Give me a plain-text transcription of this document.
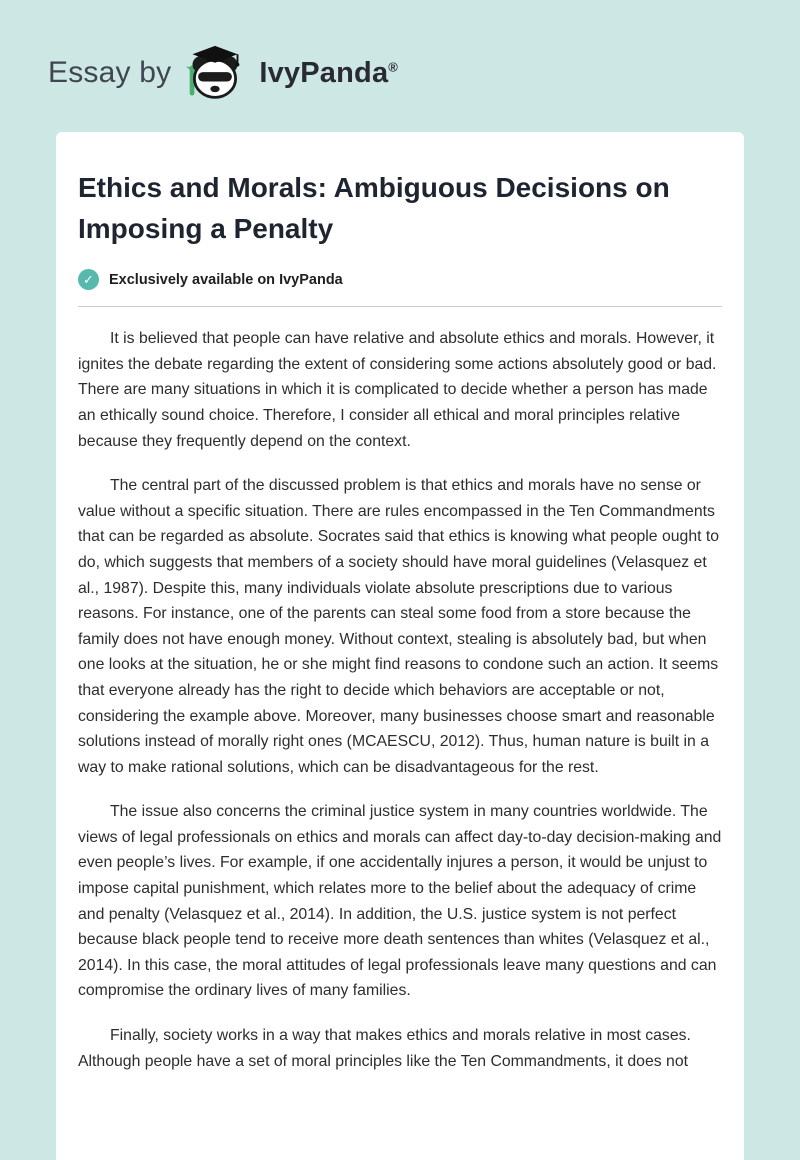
Essay by	IvyPanda®
Ethics and Morals: Ambiguous Decisions on Imposing a Penalty
✓	Exclusively available on IvyPanda

It is believed that people can have relative and absolute ethics and morals. However, it ignites the debate regarding the extent of considering some actions absolutely good or bad. There are many situations in which it is complicated to decide whether a person has made an ethically sound choice. Therefore, I consider all ethical and moral principles relative because they frequently depend on the context.

The central part of the discussed problem is that ethics and morals have no sense or value without a specific situation. There are rules encompassed in the Ten Commandments that can be regarded as absolute. Socrates said that ethics is knowing what people ought to do, which suggests that members of a society should have moral guidelines (Velasquez et al., 1987). Despite this, many individuals violate absolute prescriptions due to various reasons. For instance, one of the parents can steal some food from a store because the family does not have enough money. Without context, stealing is absolutely bad, but when one looks at the situation, he or she might find reasons to condone such an action. It seems that everyone already has the right to decide which behaviors are acceptable or not, considering the example above. Moreover, many businesses choose smart and reasonable solutions instead of morally right ones (MCAESCU, 2012). Thus, human nature is built in a way to make rational solutions, which can be disadvantageous for the rest.

The issue also concerns the criminal justice system in many countries worldwide. The views of legal professionals on ethics and morals can affect day-to-day decision-making and even people’s lives. For example, if one accidentally injures a person, it would be unjust to impose capital punishment, which relates more to the belief about the adequacy of crime and penalty (Velasquez et al., 2014). In addition, the U.S. justice system is not perfect because black people tend to receive more death sentences than whites (Velasquez et al., 2014). In this case, the moral attitudes of legal professionals leave many questions and can compromise the ordinary lives of many families.

Finally, society works in a way that makes ethics and morals relative in most cases. Although people have a set of moral principles like the Ten Commandments, it does not
